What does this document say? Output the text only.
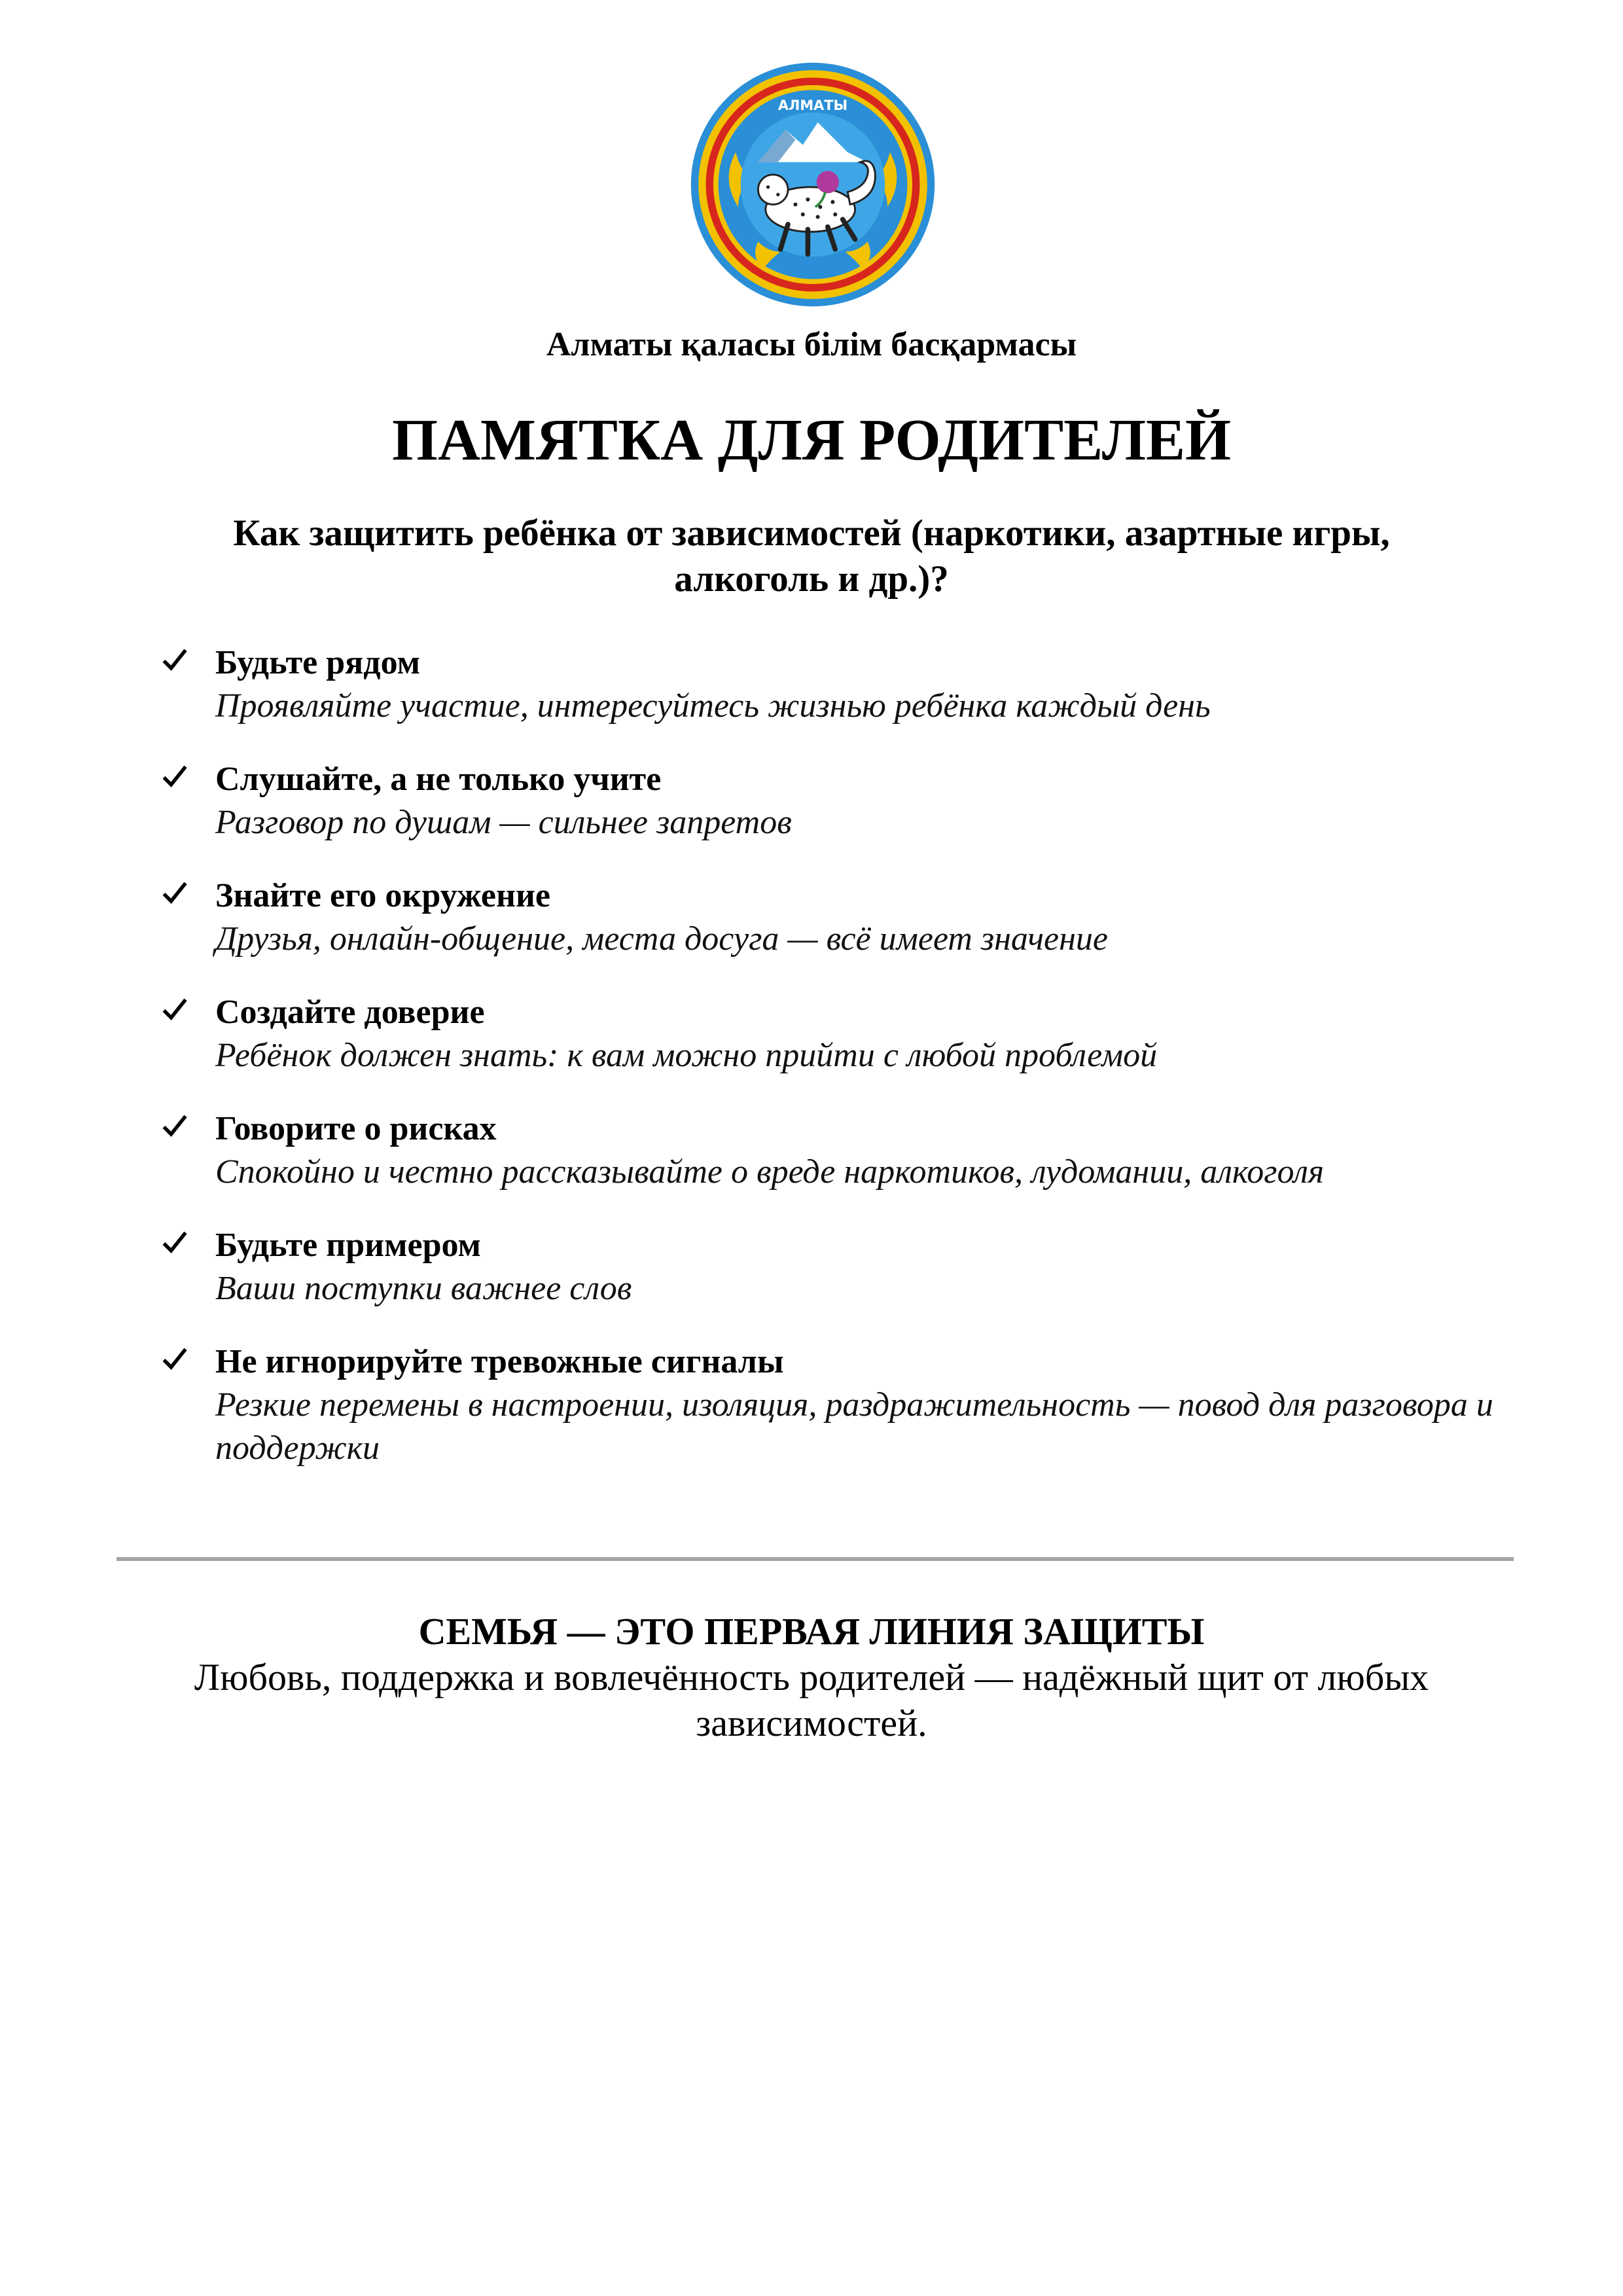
АЛМАТЫ
Алматы қаласы білім басқармасы
ПАМЯТКА ДЛЯ РОДИТЕЛЕЙ
Как защитить ребёнка от зависимостей (наркотики, азартные игры, алкоголь и др.)?
Будьте рядом
Проявляйте участие, интересуйтесь жизнью ребёнка каждый день
Слушайте, а не только учите
Разговор по душам — сильнее запретов
Знайте его окружение
Друзья, онлайн-общение, места досуга — всё имеет значение
Создайте доверие
Ребёнок должен знать: к вам можно прийти с любой проблемой
Говорите о рисках
Спокойно и честно рассказывайте о вреде наркотиков, лудомании, алкоголя
Будьте примером
Ваши поступки важнее слов
Не игнорируйте тревожные сигналы
Резкие перемены в настроении, изоляция, раздражительность — повод для разговора и поддержки
СЕМЬЯ — ЭТО ПЕРВАЯ ЛИНИЯ ЗАЩИТЫ
Любовь, поддержка и вовлечённость родителей — надёжный щит от любых зависимостей.
